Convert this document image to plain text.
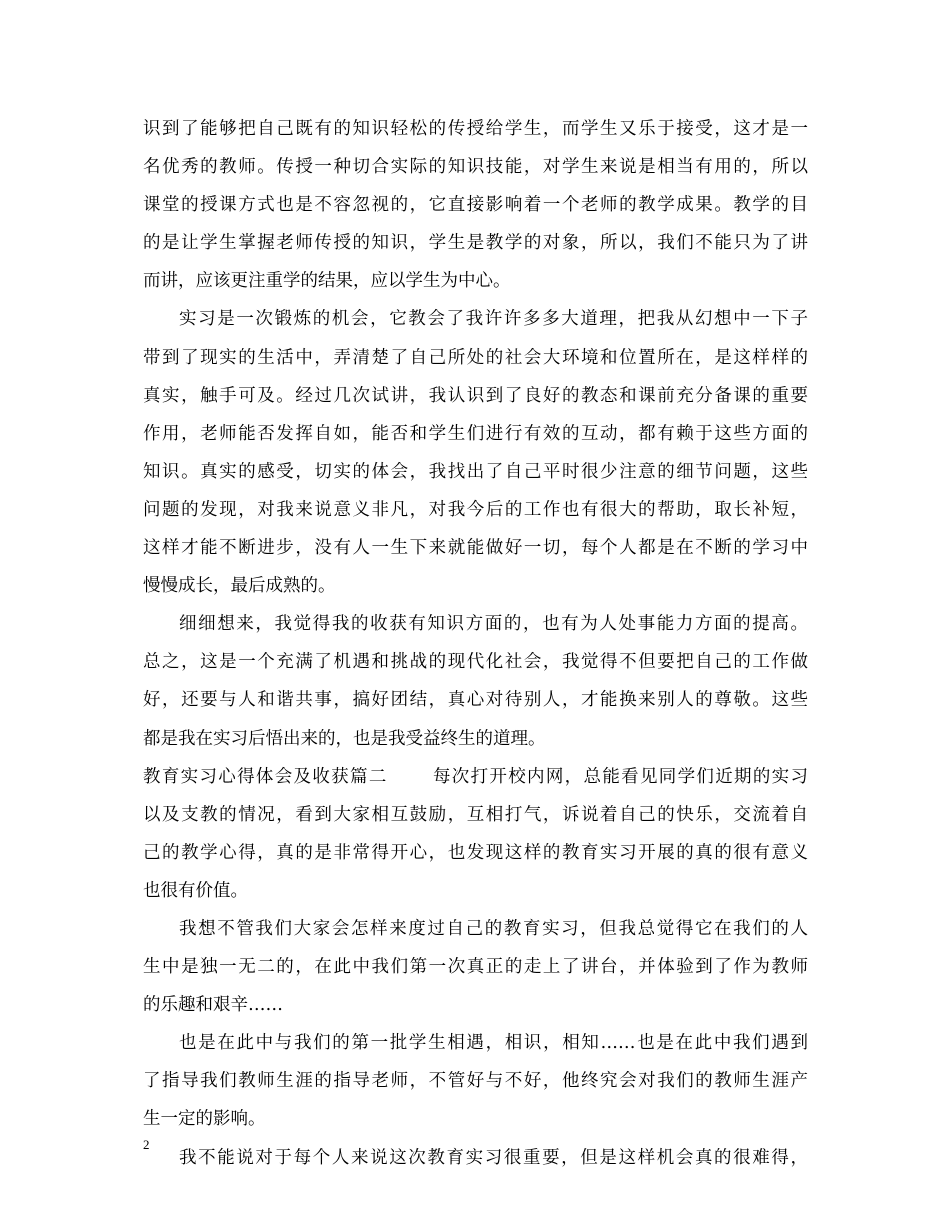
识到了能够把自己既有的知识轻松的传授给学生，而学生又乐于接受，这才是一
名优秀的教师。传授一种切合实际的知识技能，对学生来说是相当有用的，所以
课堂的授课方式也是不容忽视的，它直接影响着一个老师的教学成果。教学的目
的是让学生掌握老师传授的知识，学生是教学的对象，所以，我们不能只为了讲
而讲，应该更注重学的结果，应以学生为中心。
实习是一次锻炼的机会，它教会了我许许多多大道理，把我从幻想中一下子
带到了现实的生活中，弄清楚了自己所处的社会大环境和位置所在，是这样样的
真实，触手可及。经过几次试讲，我认识到了良好的教态和课前充分备课的重要
作用，老师能否发挥自如，能否和学生们进行有效的互动，都有赖于这些方面的
知识。真实的感受，切实的体会，我找出了自己平时很少注意的细节问题，这些
问题的发现，对我来说意义非凡，对我今后的工作也有很大的帮助，取长补短，
这样才能不断进步，没有人一生下来就能做好一切，每个人都是在不断的学习中
慢慢成长，最后成熟的。
细细想来，我觉得我的收获有知识方面的，也有为人处事能力方面的提高。
总之，这是一个充满了机遇和挑战的现代化社会，我觉得不但要把自己的工作做
好，还要与人和谐共事，搞好团结，真心对待别人，才能换来别人的尊敬。这些
都是我在实习后悟出来的，也是我受益终生的道理。
教育实习心得体会及收获篇二	每次打开校内网，总能看见同学们近期的实习
以及支教的情况，看到大家相互鼓励，互相打气，诉说着自己的快乐，交流着自
己的教学心得，真的是非常得开心，也发现这样的教育实习开展的真的很有意义
也很有价值。
我想不管我们大家会怎样来度过自己的教育实习，但我总觉得它在我们的人
生中是独一无二的，在此中我们第一次真正的走上了讲台，并体验到了作为教师
的乐趣和艰辛……
也是在此中与我们的第一批学生相遇，相识，相知……也是在此中我们遇到
了指导我们教师生涯的指导老师，不管好与不好，他终究会对我们的教师生涯产
生一定的影响。
我不能说对于每个人来说这次教育实习很重要，但是这样机会真的很难得，
2
